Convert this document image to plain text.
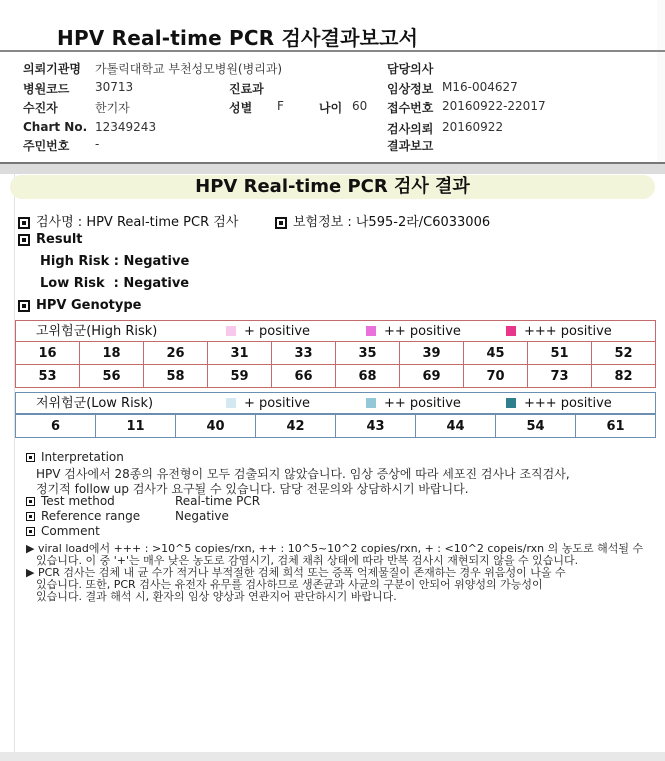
HPV Real-time PCR 검사결과보고서
의뢰기관명 가톨릭대학교 부천성모병원(병리과)	담당의사
병원코드 30713	진료과	임상정보 M16-004627
수진자	한기자	성별 F	나이 60 접수번호 20160922-22017
Chart No. 12349243	검사의뢰 20160922
주민번호 -	결과보고
HPV Real-time PCR 검사 결과
검사명 : HPV Real-time PCR 검사	보험정보 : 나595-2라/C6033006
Result
High Risk : Negative
Low Risk  : Negative
HPV Genotype
고위험군(High Risk)	+ positive	++ positive	+++ positive
16	18	26	31	33	35	39	45	51	52
53	56	58	59	66	68	69	70	73	82
저위험군(Low Risk)	+ positive	++ positive	+++ positive
6	11	40	42	43	44	54	61
Interpretation
HPV 검사에서 28종의 유전형이 모두 검출되지 않았습니다. 임상 증상에 따라 세포진 검사나 조직검사,
정기적 follow up 검사가 요구될 수 있습니다. 담당 전문의와 상담하시기 바랍니다.
Test method	Real-time PCR
Reference range	Negative
Comment
▶ viral load에서 +++ : >10^5 copies/rxn, ++ : 10^5~10^2 copies/rxn, + : <10^2 copeis/rxn 의 농도로 해석될 수
있습니다. 이 중 '+'는 매우 낮은 농도로 감염시기, 검체 채취 상태에 따라 반복 검사시 재현되지 않을 수 있습니다.
▶ PCR 검사는 검체 내 균 수가 적거나 부적절한 검체 희석 또는 증폭 억제물질이 존재하는 경우 위음성이 나올 수
있습니다. 또한, PCR 검사는 유전자 유무를 검사하므로 생존균과 사균의 구분이 안되어 위양성의 가능성이
있습니다. 결과 해석 시, 환자의 임상 양상과 연관지어 판단하시기 바랍니다.
